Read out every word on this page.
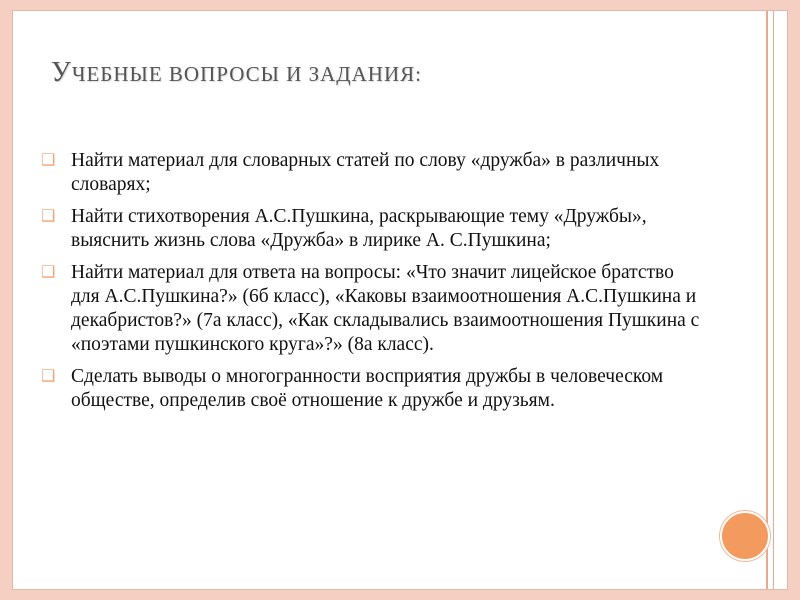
УЧЕБНЫЕ ВОПРОСЫ И ЗАДАНИЯ:
❑ Найти материал для словарных статей по слову «дружба» в различных словарях;
❑ Найти стихотворения А.С.Пушкина, раскрывающие тему «Дружбы», выяснить жизнь слова «Дружба» в лирике А. С.Пушкина;
❑ Найти материал для ответа на вопросы: «Что значит лицейское братство для А.С.Пушкина?» (6б класс), «Каковы взаимоотношения А.С.Пушкина и декабристов?» (7а класс), «Как складывались взаимоотношения Пушкина с «поэтами пушкинского круга»?» (8а класс).
❑ Сделать выводы о многогранности восприятия дружбы в человеческом обществе, определив своё отношение к дружбе и друзьям.
